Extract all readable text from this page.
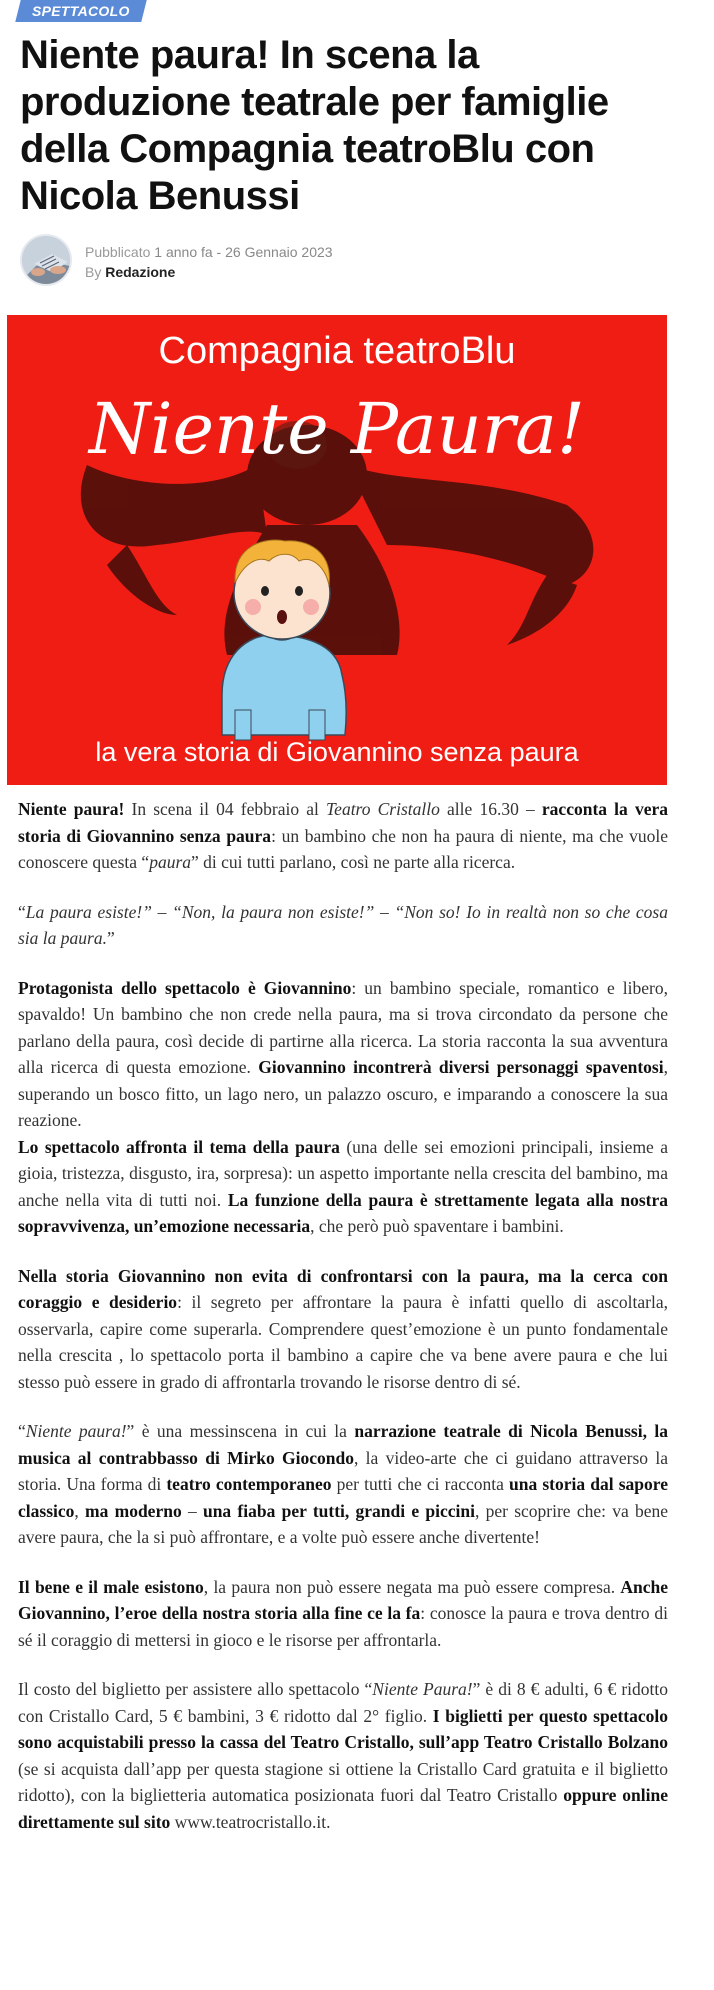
SPETTACOLO
Niente paura! In scena la produzione teatrale per famiglie della Compagnia teatroBlu con Nicola Benussi
Pubblicato 1 anno fa - 26 Gennaio 2023
By Redazione
Compagnia teatroBlu
Niente Paura!
la vera storia di Giovannino senza paura

Niente paura! In scena il 04 febbraio al Teatro Cristallo alle 16.30 – racconta la vera storia di Giovannino senza paura: un bambino che non ha paura di niente, ma che vuole conoscere questa “paura” di cui tutti parlano, così ne parte alla ricerca.

“La paura esiste!” – “Non, la paura non esiste!” – “Non so! Io in realtà non so che cosa sia la paura.”

Protagonista dello spettacolo è Giovannino: un bambino speciale, romantico e libero, spavaldo! Un bambino che non crede nella paura, ma si trova circondato da persone che parlano della paura, così decide di partirne alla ricerca. La storia racconta la sua avventura alla ricerca di questa emozione. Giovannino incontrerà diversi personaggi spaventosi, superando un bosco fitto, un lago nero, un palazzo oscuro, e imparando a conoscere la sua reazione.

Lo spettacolo affronta il tema della paura (una delle sei emozioni principali, insieme a gioia, tristezza, disgusto, ira, sorpresa): un aspetto importante nella crescita del bambino, ma anche nella vita di tutti noi. La funzione della paura è strettamente legata alla nostra sopravvivenza, un’emozione necessaria, che però può spaventare i bambini.

Nella storia Giovannino non evita di confrontarsi con la paura, ma la cerca con coraggio e desiderio: il segreto per affrontare la paura è infatti quello di ascoltarla, osservarla, capire come superarla. Comprendere quest’emozione è un punto fondamentale nella crescita , lo spettacolo porta il bambino a capire che va bene avere paura e che lui stesso può essere in grado di affrontarla trovando le risorse dentro di sé.

“Niente paura!” è una messinscena in cui la narrazione teatrale di Nicola Benussi, la musica al contrabbasso di Mirko Giocondo, la video-arte che ci guidano attraverso la storia. Una forma di teatro contemporaneo per tutti che ci racconta una storia dal sapore classico, ma moderno – una fiaba per tutti, grandi e piccini, per scoprire che: va bene avere paura, che la si può affrontare, e a volte può essere anche divertente!

Il bene e il male esistono, la paura non può essere negata ma può essere compresa. Anche Giovannino, l’eroe della nostra storia alla fine ce la fa: conosce la paura e trova dentro di sé il coraggio di mettersi in gioco e le risorse per affrontarla.

Il costo del biglietto per assistere allo spettacolo “Niente Paura!” è di 8 € adulti, 6 € ridotto con Cristallo Card, 5 € bambini, 3 € ridotto dal 2° figlio. I biglietti per questo spettacolo sono acquistabili presso la cassa del Teatro Cristallo, sull’app Teatro Cristallo Bolzano (se si acquista dall’app per questa stagione si ottiene la Cristallo Card gratuita e il biglietto ridotto), con la biglietteria automatica posizionata fuori dal Teatro Cristallo oppure online direttamente sul sito www.teatrocristallo.it.
